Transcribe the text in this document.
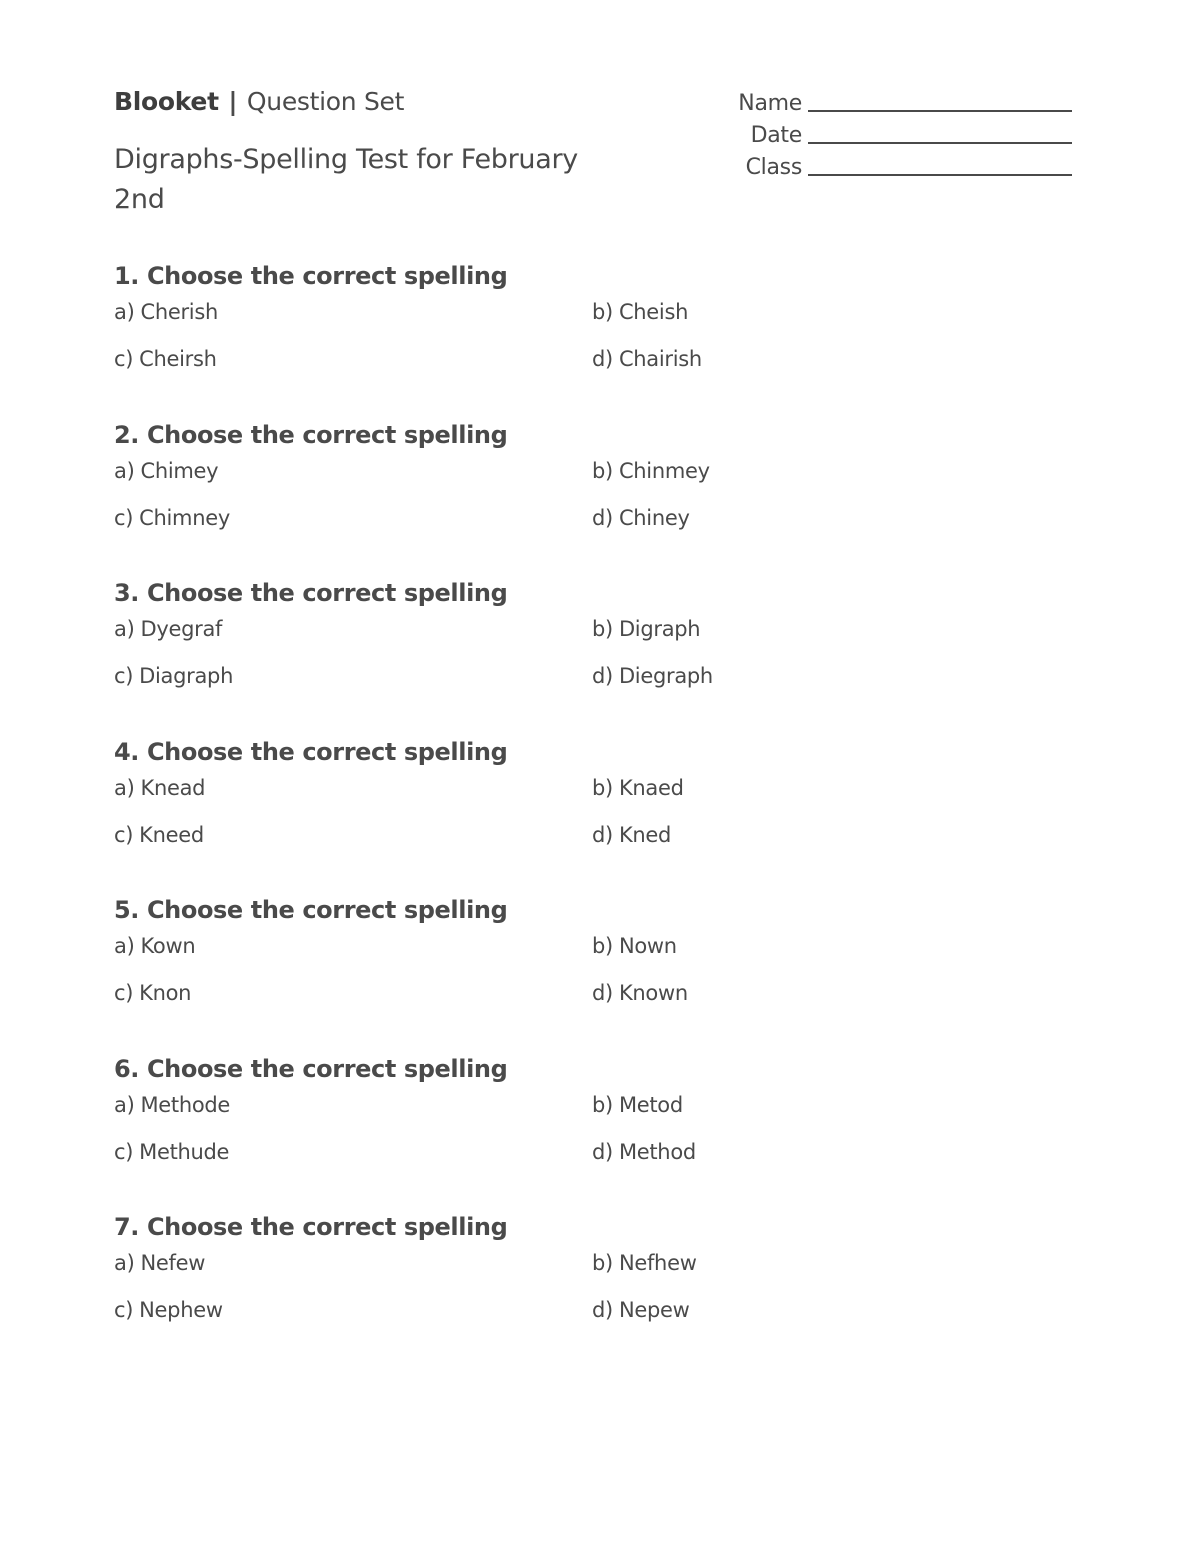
Blooket | Question Set
Digraphs-Spelling Test for February 2nd
Name
Date
Class
1. Choose the correct spelling
a) Cherish	b) Cheish
c) Cheirsh	d) Chairish
2. Choose the correct spelling
a) Chimey	b) Chinmey
c) Chimney	d) Chiney
3. Choose the correct spelling
a) Dyegraf	b) Digraph
c) Diagraph	d) Diegraph
4. Choose the correct spelling
a) Knead	b) Knaed
c) Kneed	d) Kned
5. Choose the correct spelling
a) Kown	b) Nown
c) Knon	d) Known
6. Choose the correct spelling
a) Methode	b) Metod
c) Methude	d) Method
7. Choose the correct spelling
a) Nefew	b) Nefhew
c) Nephew	d) Nepew
